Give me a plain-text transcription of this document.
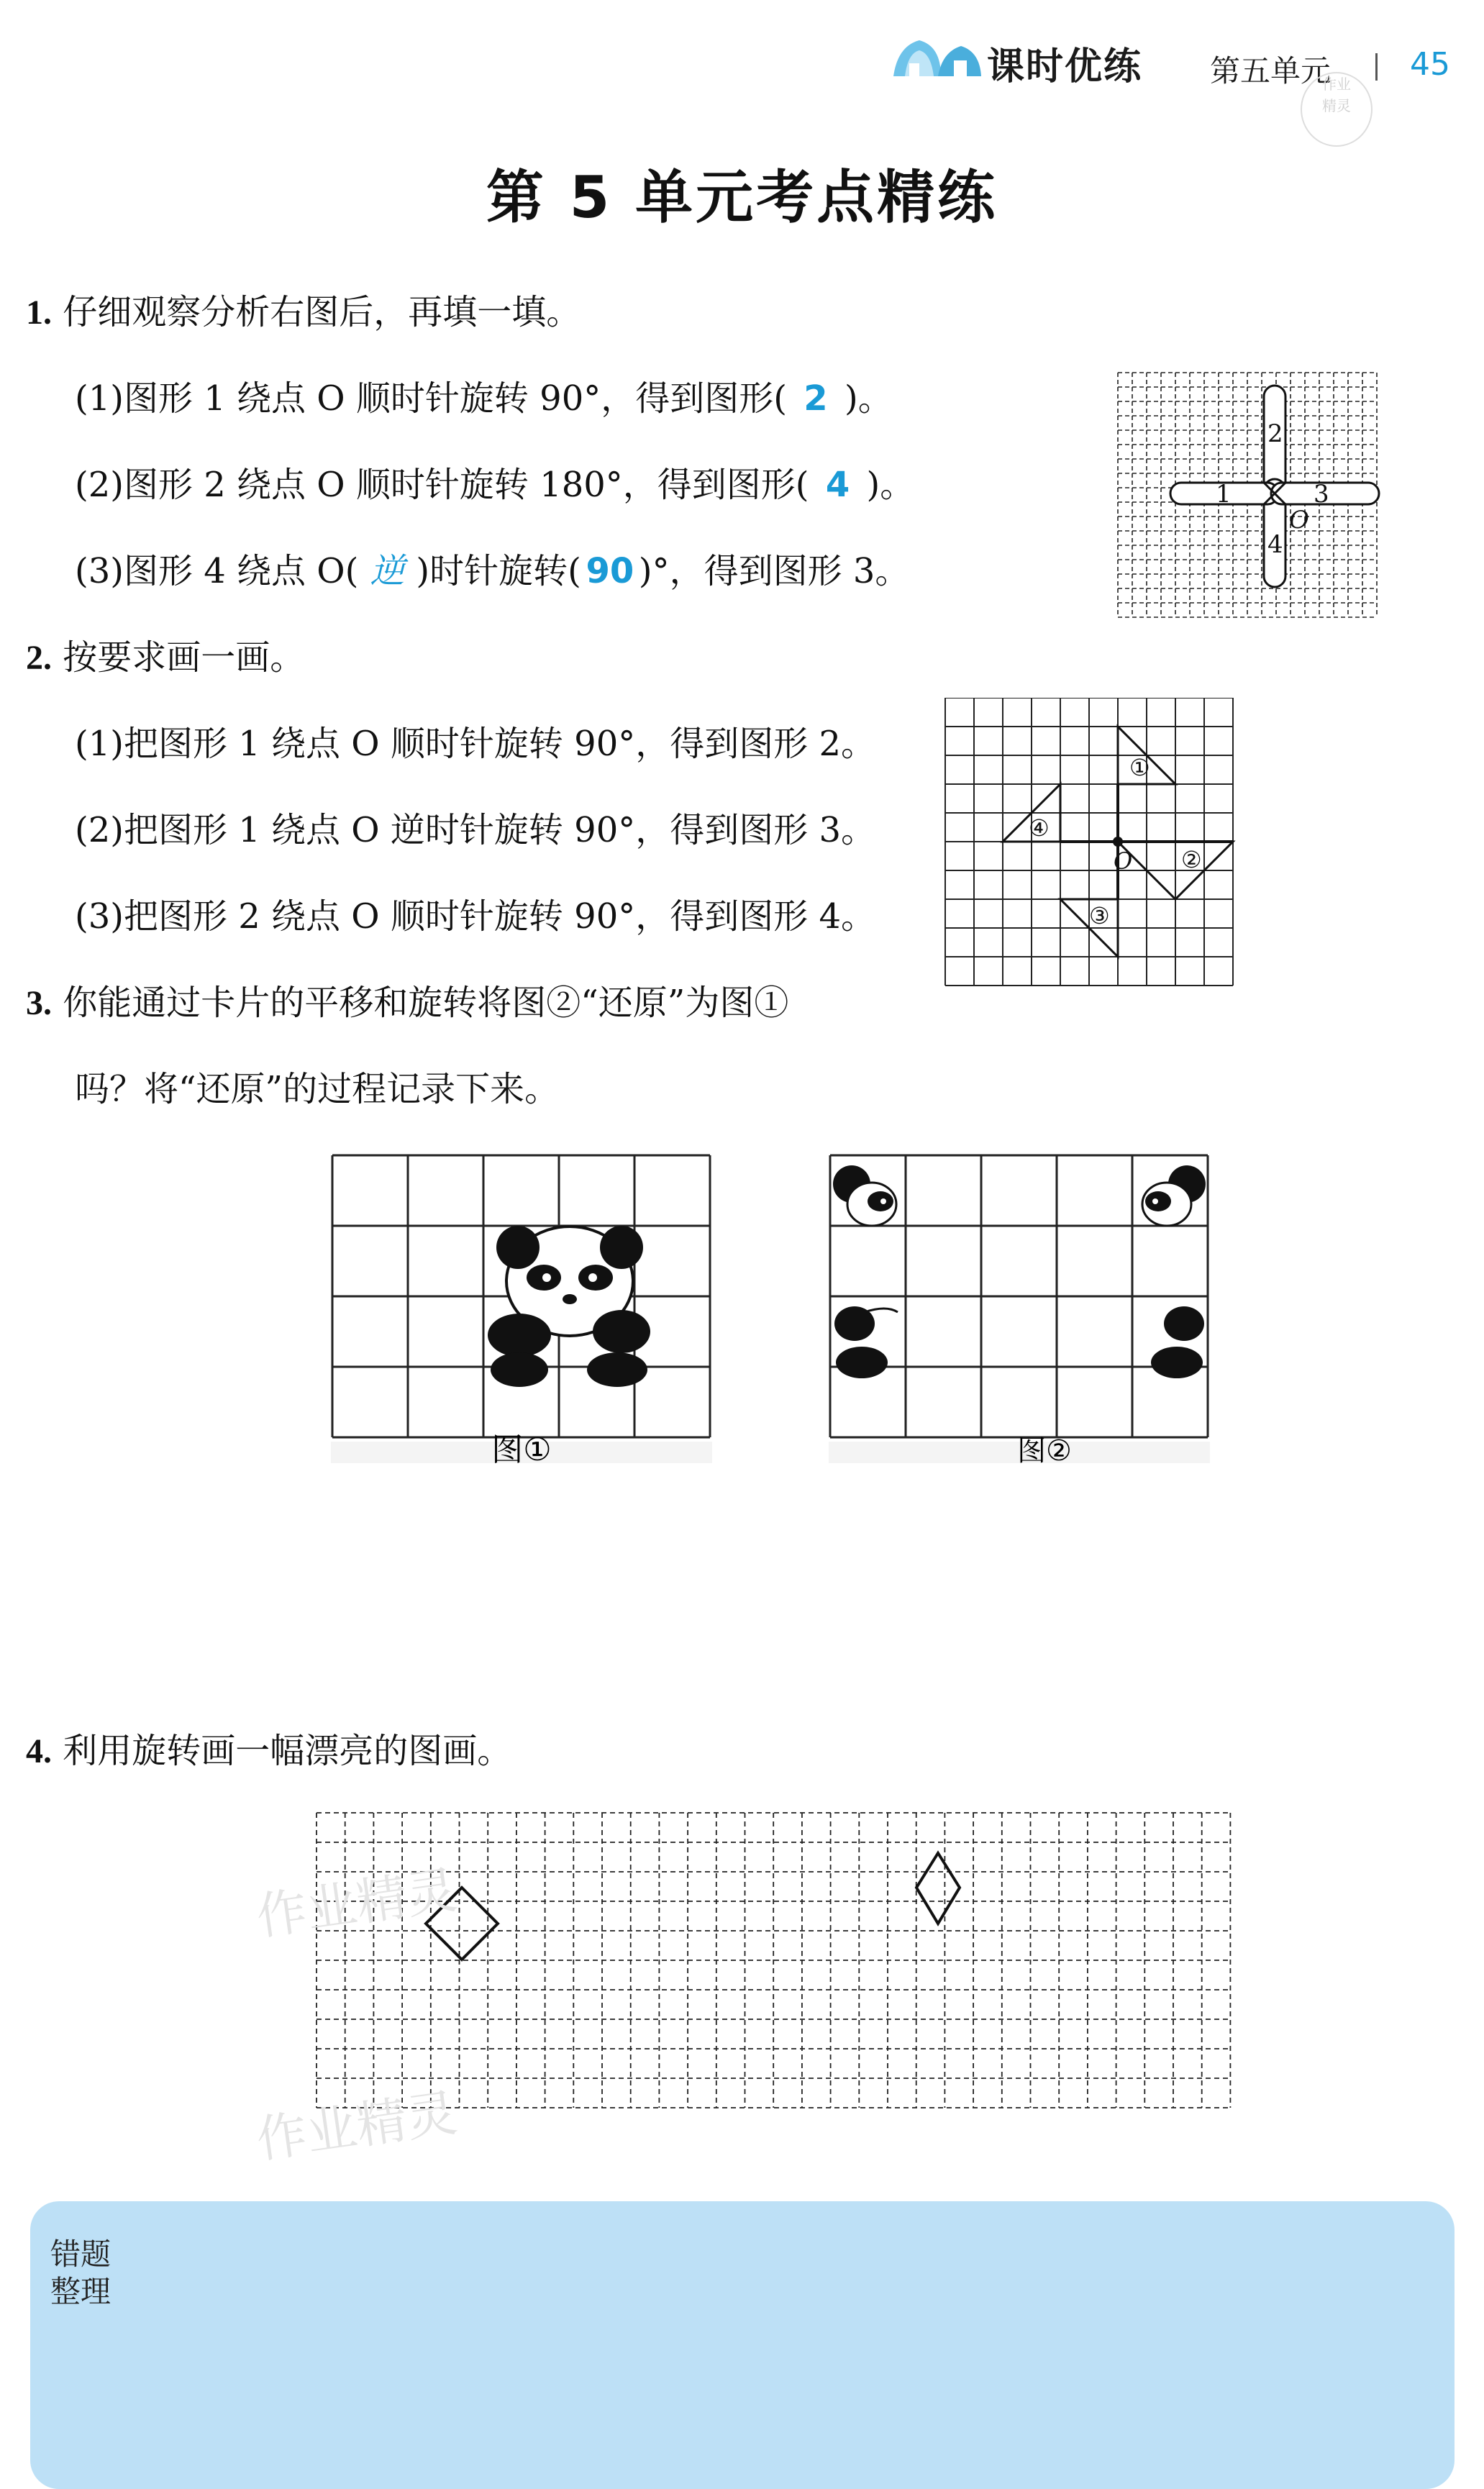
课时优练 第五单元 45
作业
精灵
第 5 单元考点精练
1. 仔细观察分析右图后，再填一填。
(1)图形 1 绕点 O 顺时针旋转 90°，得到图形( 2 )。
(2)图形 2 绕点 O 顺时针旋转 180°，得到图形( 4 )。
(3)图形 4 绕点 O( 逆 )时针旋转( 90 )°，得到图形 3。
1
2
3
4
O
2. 按要求画一画。
(1)把图形 1 绕点 O 顺时针旋转 90°，得到图形 2。
(2)把图形 1 绕点 O 逆时针旋转 90°，得到图形 3。
(3)把图形 2 绕点 O 顺时针旋转 90°，得到图形 4。
①
②
③
④
O
3. 你能通过卡片的平移和旋转将图②“还原”为图①
吗？将“还原”的过程记录下来。
图①	图②
4. 利用旋转画一幅漂亮的图画。
作业精灵
作业精灵
错题
整理
